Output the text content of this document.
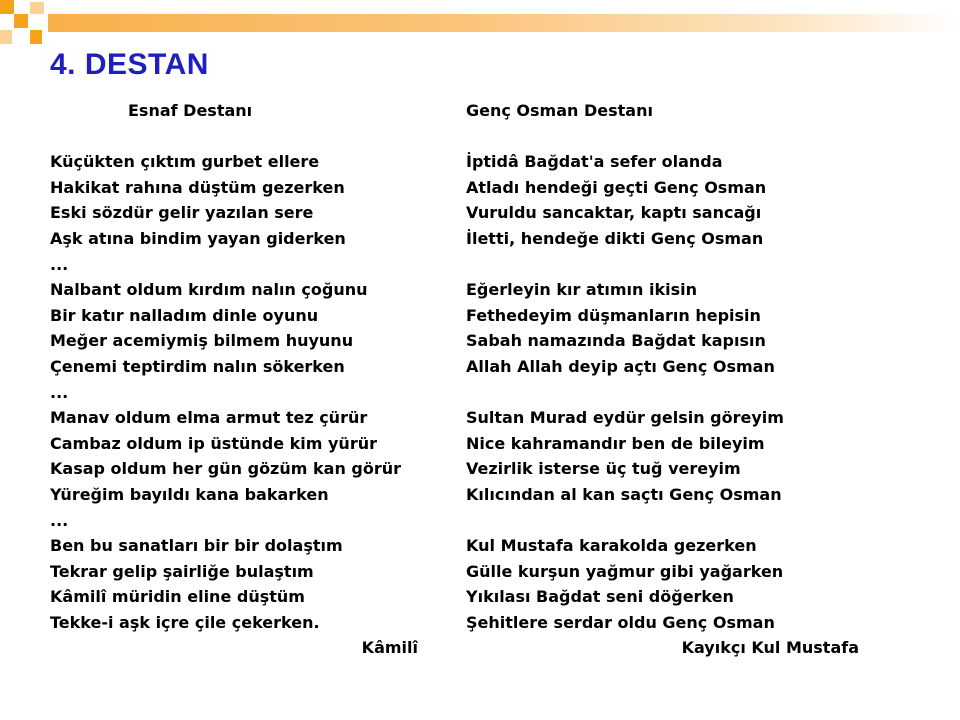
4. DESTAN
Esnaf Destanı
Küçükten çıktım gurbet ellere
Hakikat rahına düştüm gezerken
Eski sözdür gelir yazılan sere
Aşk atına bindim yayan giderken
...
Nalbant oldum kırdım nalın çoğunu
Bir katır nalladım dinle oyunu
Meğer acemiymiş bilmem huyunu
Çenemi teptirdim nalın sökerken
...
Manav oldum elma armut tez çürür
Cambaz oldum ip üstünde kim yürür
Kasap oldum her gün gözüm kan görür
Yüreğim bayıldı kana bakarken
...
Ben bu sanatları bir bir dolaştım
Tekrar gelip şairliğe bulaştım
Kâmilî müridin eline düştüm
Tekke-i aşk içre çile çekerken.
Kâmilî
Genç Osman Destanı
İptidâ Bağdat'a sefer olanda
Atladı hendeği geçti Genç Osman
Vuruldu sancaktar, kaptı sancağı
İletti, hendeğe dikti Genç Osman
Eğerleyin kır atımın ikisin
Fethedeyim düşmanların hepisin
Sabah namazında Bağdat kapısın
Allah Allah deyip açtı Genç Osman
Sultan Murad eydür gelsin göreyim
Nice kahramandır ben de bileyim
Vezirlik isterse üç tuğ vereyim
Kılıcından al kan saçtı Genç Osman
Kul Mustafa karakolda gezerken
Gülle kurşun yağmur gibi yağarken
Yıkılası Bağdat seni döğerken
Şehitlere serdar oldu Genç Osman
Kayıkçı Kul Mustafa
